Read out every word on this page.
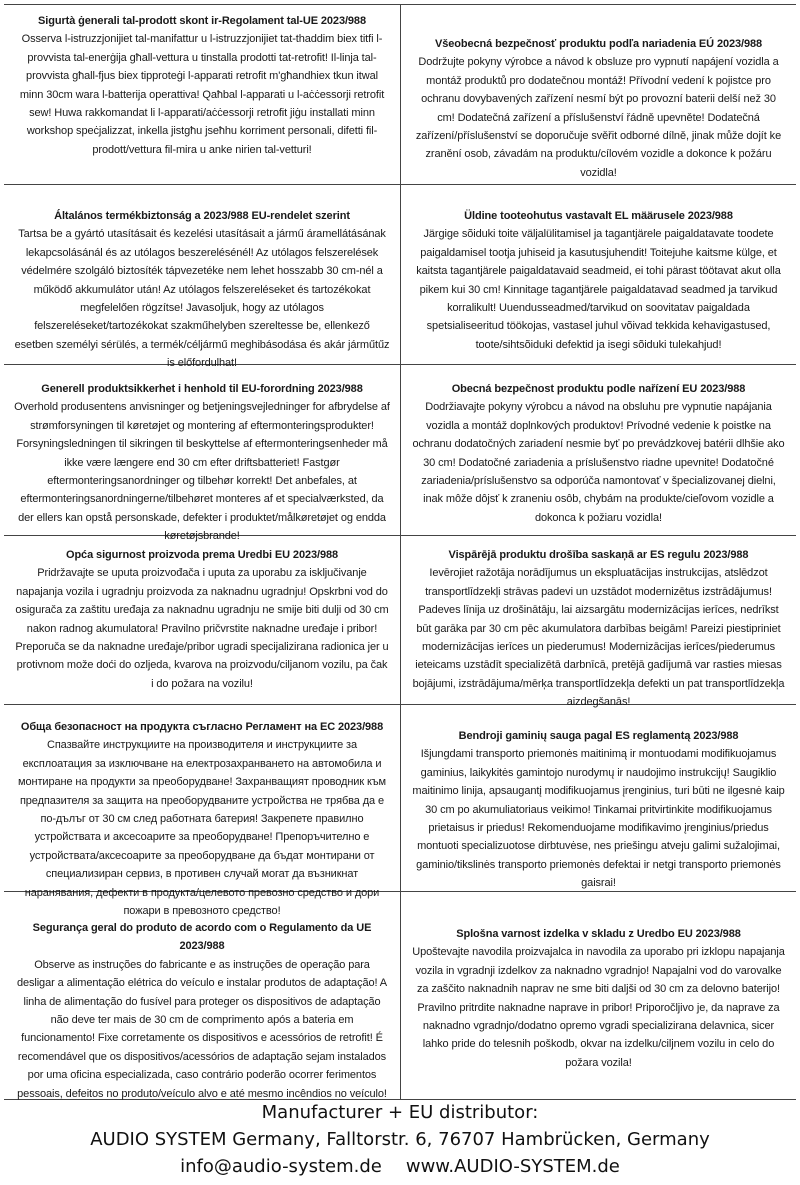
Sigurtà ġenerali tal-prodott skont ir-Regolament tal-UE 2023/988

Osserva l-istruzzjonijiet tal-manifattur u l-istruzzjonijiet tat-thaddim biex titfi l-provvista tal-enerġija għall-vettura u tinstalla prodotti tat-retrofit! Il-linja tal-provvista għall-fjus biex tipproteġi l-apparati retrofit m'għandhiex tkun itwal minn 30cm wara l-batterija operattiva! Qaħbal l-apparati u l-aċċessorji retrofit sew! Huwa rakkomandat li l-apparati/aċċessorji retrofit jiġu installati minn workshop speċjalizzat, inkella jistgħu jseħhu korriment personali, difetti fil-prodott/vettura fil-mira u anke nirien tal-vetturi!

Všeobecná bezpečnosť produktu podľa nariadenia EÚ 2023/988

Dodržujte pokyny výrobce a návod k obsluze pro vypnutí napájení vozidla a montáž produktů pro dodatečnou montáž! Přívodní vedení k pojistce pro ochranu dovybavených zařízení nesmí být po provozní baterii delší než 30 cm! Dodatečná zařízení a příslušenství řádně upevněte! Dodatečná zařízení/příslušenství se doporučuje svěřit odborné dílně, jinak může dojít ke zranění osob, závadám na produktu/cílovém vozidle a dokonce k požáru vozidla!

Általános termékbiztonság a 2023/988 EU-rendelet szerint

Tartsa be a gyártó utasításait és kezelési utasításait a jármű áramellátásának lekapcsolásánál és az utólagos beszerelésénél! Az utólagos felszerelések védelmére szolgáló biztosíték tápvezetéke nem lehet hosszabb 30 cm-nél a működő akkumulátor után! Az utólagos felszereléseket és tartozékokat megfelelően rögzítse! Javasoljuk, hogy az utólagos felszereléseket/tartozékokat szakműhelyben szereltesse be, ellenkező esetben személyi sérülés, a termék/céljármű meghibásodása és akár járműtűz is előfordulhat!

Üldine tooteohutus vastavalt EL määrusele 2023/988

Järgige sõiduki toite väljalülitamisel ja tagantjärele paigaldatavate toodete paigaldamisel tootja juhiseid ja kasutusjuhendit! Toitejuhe kaitsme külge, et kaitsta tagantjärele paigaldatavaid seadmeid, ei tohi pärast töötavat akut olla pikem kui 30 cm! Kinnitage tagantjärele paigaldatavad seadmed ja tarvikud korralikult! Uuendusseadmed/tarvikud on soovitatav paigaldada spetsialiseeritud töökojas, vastasel juhul võivad tekkida kehavigastused, toote/sihtsõiduki defektid ja isegi sõiduki tulekahjud!

Generell produktsikkerhet i henhold til EU-forordning 2023/988

Overhold produsentens anvisninger og betjeningsvejledninger for afbrydelse af strømforsyningen til køretøjet og montering af eftermonteringsprodukter! Forsyningsledningen til sikringen til beskyttelse af eftermonteringsenheder må ikke være længere end 30 cm efter driftsbatteriet! Fastgør eftermonteringsanordninger og tilbehør korrekt! Det anbefales, at eftermonteringsanordningerne/tilbehøret monteres af et specialværksted, da der ellers kan opstå personskade, defekter i produktet/målkøretøjet og endda køretøjsbrande!

Obecná bezpečnost produktu podle nařízení EU 2023/988

Dodržiavajte pokyny výrobcu a návod na obsluhu pre vypnutie napájania vozidla a montáž doplnkových produktov! Prívodné vedenie k poistke na ochranu dodatočných zariadení nesmie byť po prevádzkovej batérii dlhšie ako 30 cm! Dodatočné zariadenia a príslušenstvo riadne upevnite! Dodatočné zariadenia/príslušenstvo sa odporúča namontovať v špecializovanej dielni, inak môže dôjsť k zraneniu osôb, chybám na produkte/cieľovom vozidle a dokonca k požiaru vozidla!

Opća sigurnost proizvoda prema Uredbi EU 2023/988

Pridržavajte se uputa proizvođača i uputa za uporabu za isključivanje napajanja vozila i ugradnju proizvoda za naknadnu ugradnju! Opskrbni vod do osigurača za zaštitu uređaja za naknadnu ugradnju ne smije biti dulji od 30 cm nakon radnog akumulatora! Pravilno pričvrstite naknadne uređaje i pribor! Preporuča se da naknadne uređaje/pribor ugradi specijalizirana radionica jer u protivnom može doći do ozljeda, kvarova na proizvodu/ciljanom vozilu, pa čak i do požara na vozilu!

Vispārējā produktu drošība saskaņā ar ES regulu 2023/988

Ievērojiet ražotāja norādījumus un ekspluatācijas instrukcijas, atslēdzot transportlīdzekļi strāvas padevi un uzstādot modernizētus izstrādājumus! Padeves līnija uz drošinātāju, lai aizsargātu modernizācijas ierīces, nedrīkst būt garāka par 30 cm pēc akumulatora darbības beigām! Pareizi piestipriniet modernizācijas ierīces un piederumus! Modernizācijas ierīces/piederumus ieteicams uzstādīt specializētā darbnīcā, pretējā gadījumā var rasties miesas bojājumi, izstrādājuma/mērķa transportlīdzekļa defekti un pat transportlīdzekļa aizdegšanās!

Обща безопасност на продукта съгласно Регламент на ЕС 2023/988

Спазвайте инструкциите на производителя и инструкциите за експлоатация за изключване на електрозахранването на автомобила и монтиране на продукти за преоборудване! Захранващият проводник към предпазителя за защита на преоборудваните устройства не трябва да е по-дълъг от 30 см след работната батерия! Закрепете правилно устройствата и аксесоарите за преоборудване! Препоръчително е устройствата/аксесоарите за преоборудване да бъдат монтирани от специализиран сервиз, в противен случай могат да възникнат наранявания, дефекти в продукта/целевото превозно средство и дори пожари в превозното средство!

Bendroji gaminių sauga pagal ES reglamentą 2023/988

Išjungdami transporto priemonės maitinimą ir montuodami modifikuojamus gaminius, laikykitės gamintojo nurodymų ir naudojimo instrukcijų! Saugiklio maitinimo linija, apsaugantį modifikuojamus įrenginius, turi būti ne ilgesnė kaip 30 cm po akumuliatoriaus veikimo! Tinkamai pritvirtinkite modifikuojamus prietaisus ir priedus! Rekomenduojame modifikavimo įrenginius/priedus montuoti specializuotose dirbtuvėse, nes priešingu atveju galimi sužalojimai, gaminio/tikslinės transporto priemonės defektai ir netgi transporto priemonės gaisrai!

Segurança geral do produto de acordo com o Regulamento da UE 2023/988

Observe as instruções do fabricante e as instruções de operação para desligar a alimentação elétrica do veículo e instalar produtos de adaptação! A linha de alimentação do fusível para proteger os dispositivos de adaptação não deve ter mais de 30 cm de comprimento após a bateria em funcionamento! Fixe corretamente os dispositivos e acessórios de retrofit! É recomendável que os dispositivos/acessórios de adaptação sejam instalados por uma oficina especializada, caso contrário poderão ocorrer ferimentos pessoais, defeitos no produto/veículo alvo e até mesmo incêndios no veículo!

Splošna varnost izdelka v skladu z Uredbo EU 2023/988

Upoštevajte navodila proizvajalca in navodila za uporabo pri izklopu napajanja vozila in vgradnji izdelkov za naknadno vgradnjo! Napajalni vod do varovalke za zaščito naknadnih naprav ne sme biti daljši od 30 cm za delovno baterijo! Pravilno pritrdite naknadne naprave in pribor! Priporočljivo je, da naprave za naknadno vgradnjo/dodatno opremo vgradi specializirana delavnica, sicer lahko pride do telesnih poškodb, okvar na izdelku/ciljnem vozilu in celo do požara vozila!

Manufacturer + EU distributor:
AUDIO SYSTEM Germany, Falltorstr. 6, 76707 Hambrücken, Germany
info@audio-system.de www.AUDIO-SYSTEM.de
